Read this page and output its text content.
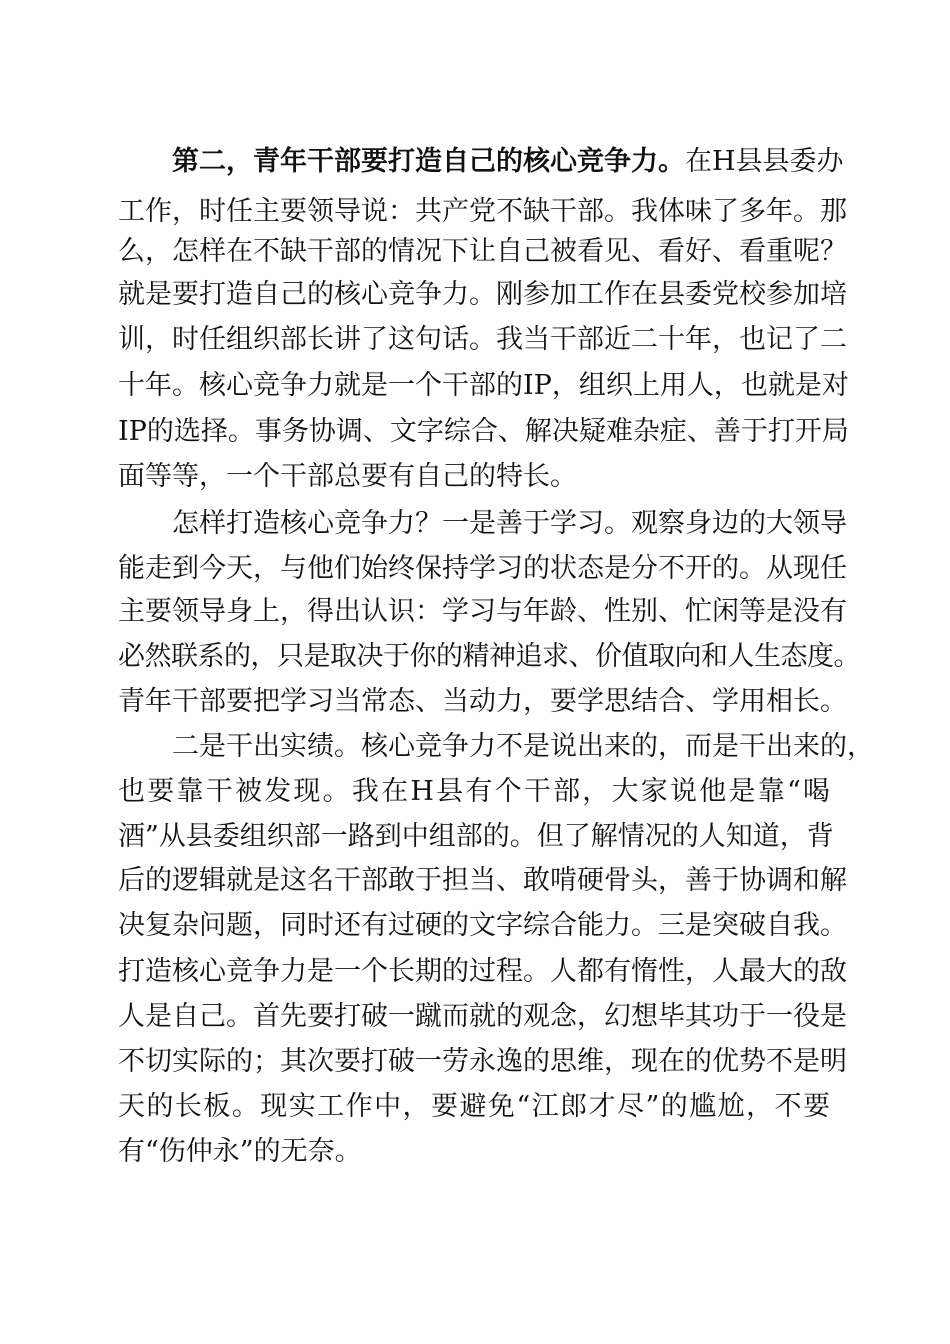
第二，青年干部要打造自己的核心竞争力。在H县县委办
工作，时任主要领导说：共产党不缺干部。我体味了多年。那
么，怎样在不缺干部的情况下让自己被看见、看好、看重呢？
就是要打造自己的核心竞争力。刚参加工作在县委党校参加培
训，时任组织部长讲了这句话。我当干部近二十年，也记了二
十年。核心竞争力就是一个干部的IP，组织上用人，也就是对
IP的选择。事务协调、文字综合、解决疑难杂症、善于打开局
面等等，一个干部总要有自己的特长。
怎样打造核心竞争力？一是善于学习。观察身边的大领导
能走到今天，与他们始终保持学习的状态是分不开的。从现任
主要领导身上，得出认识：学习与年龄、性别、忙闲等是没有
必然联系的，只是取决于你的精神追求、价值取向和人生态度。
青年干部要把学习当常态、当动力，要学思结合、学用相长。
二是干出实绩。核心竞争力不是说出来的，而是干出来的，
也要靠干被发现。我在H县有个干部，大家说他是靠“喝
酒”从县委组织部一路到中组部的。但了解情况的人知道，背
后的逻辑就是这名干部敢于担当、敢啃硬骨头，善于协调和解
决复杂问题，同时还有过硬的文字综合能力。三是突破自我。
打造核心竞争力是一个长期的过程。人都有惰性，人最大的敌
人是自己。首先要打破一蹴而就的观念，幻想毕其功于一役是
不切实际的；其次要打破一劳永逸的思维，现在的优势不是明
天的长板。现实工作中，要避免“江郎才尽”的尴尬，不要
有“伤仲永”的无奈。
